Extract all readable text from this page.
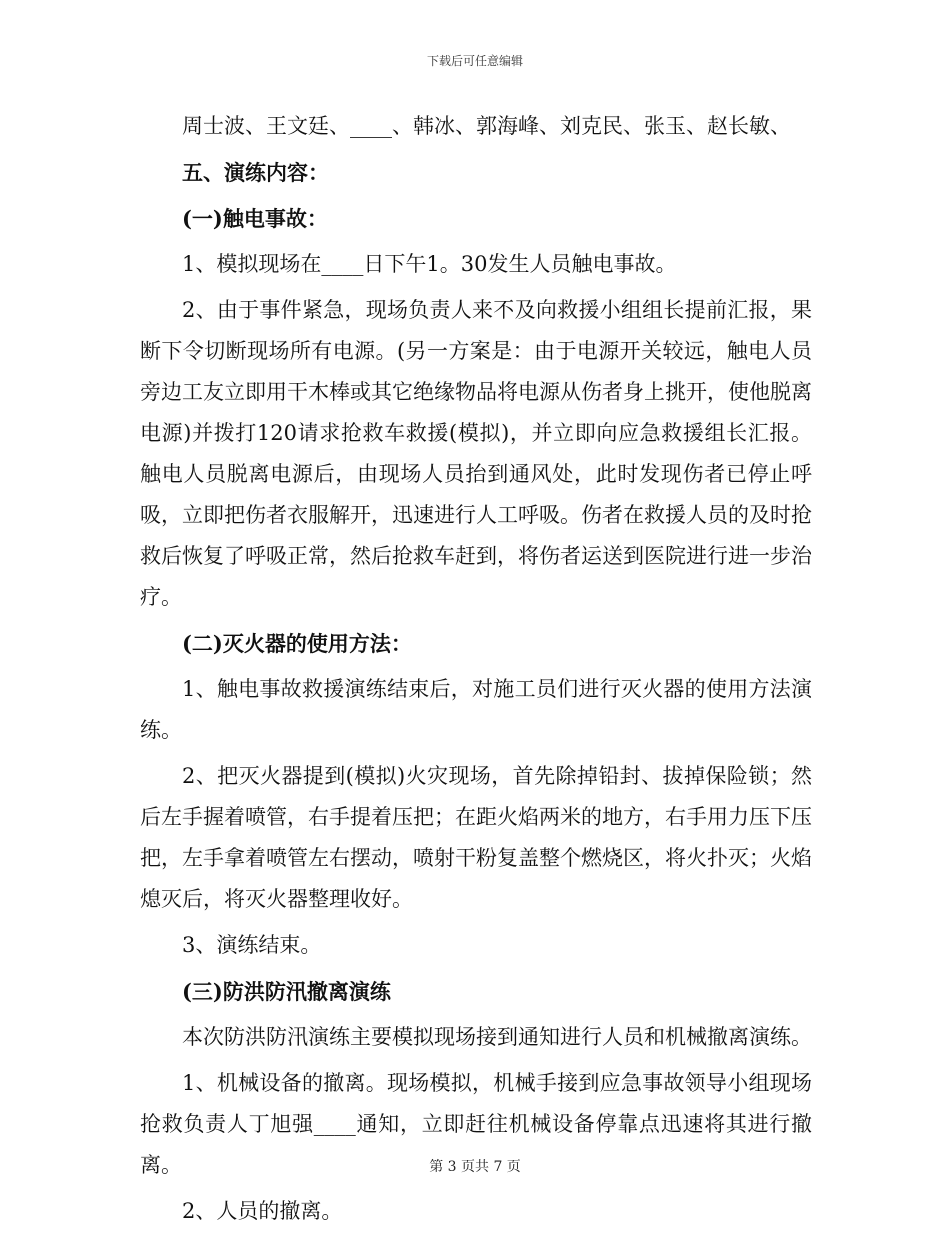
下载后可任意编辑

周士波、王文廷、____、韩冰、郭海峰、刘克民、张玉、赵长敏、

五、演练内容：

(一)触电事故：

1、模拟现场在____日下午1。30发生人员触电事故。

2、由于事件紧急，现场负责人来不及向救援小组组长提前汇报，果断下令切断现场所有电源。(另一方案是：由于电源开关较远，触电人员旁边工友立即用干木棒或其它绝缘物品将电源从伤者身上挑开，使他脱离电源)并拨打120请求抢救车救援(模拟)，并立即向应急救援组长汇报。触电人员脱离电源后，由现场人员抬到通风处，此时发现伤者已停止呼吸，立即把伤者衣服解开，迅速进行人工呼吸。伤者在救援人员的及时抢救后恢复了呼吸正常，然后抢救车赶到，将伤者运送到医院进行进一步治疗。

(二)灭火器的使用方法：

1、触电事故救援演练结束后，对施工员们进行灭火器的使用方法演练。

2、把灭火器提到(模拟)火灾现场，首先除掉铅封、拔掉保险锁；然后左手握着喷管，右手提着压把；在距火焰两米的地方，右手用力压下压把，左手拿着喷管左右摆动，喷射干粉复盖整个燃烧区，将火扑灭；火焰熄灭后，将灭火器整理收好。

3、演练结束。

(三)防洪防汛撤离演练

本次防洪防汛演练主要模拟现场接到通知进行人员和机械撤离演练。

1、机械设备的撤离。现场模拟，机械手接到应急事故领导小组现场抢救负责人丁旭强____通知，立即赶往机械设备停靠点迅速将其进行撤离。

2、人员的撤离。

第 3 页共 7 页
